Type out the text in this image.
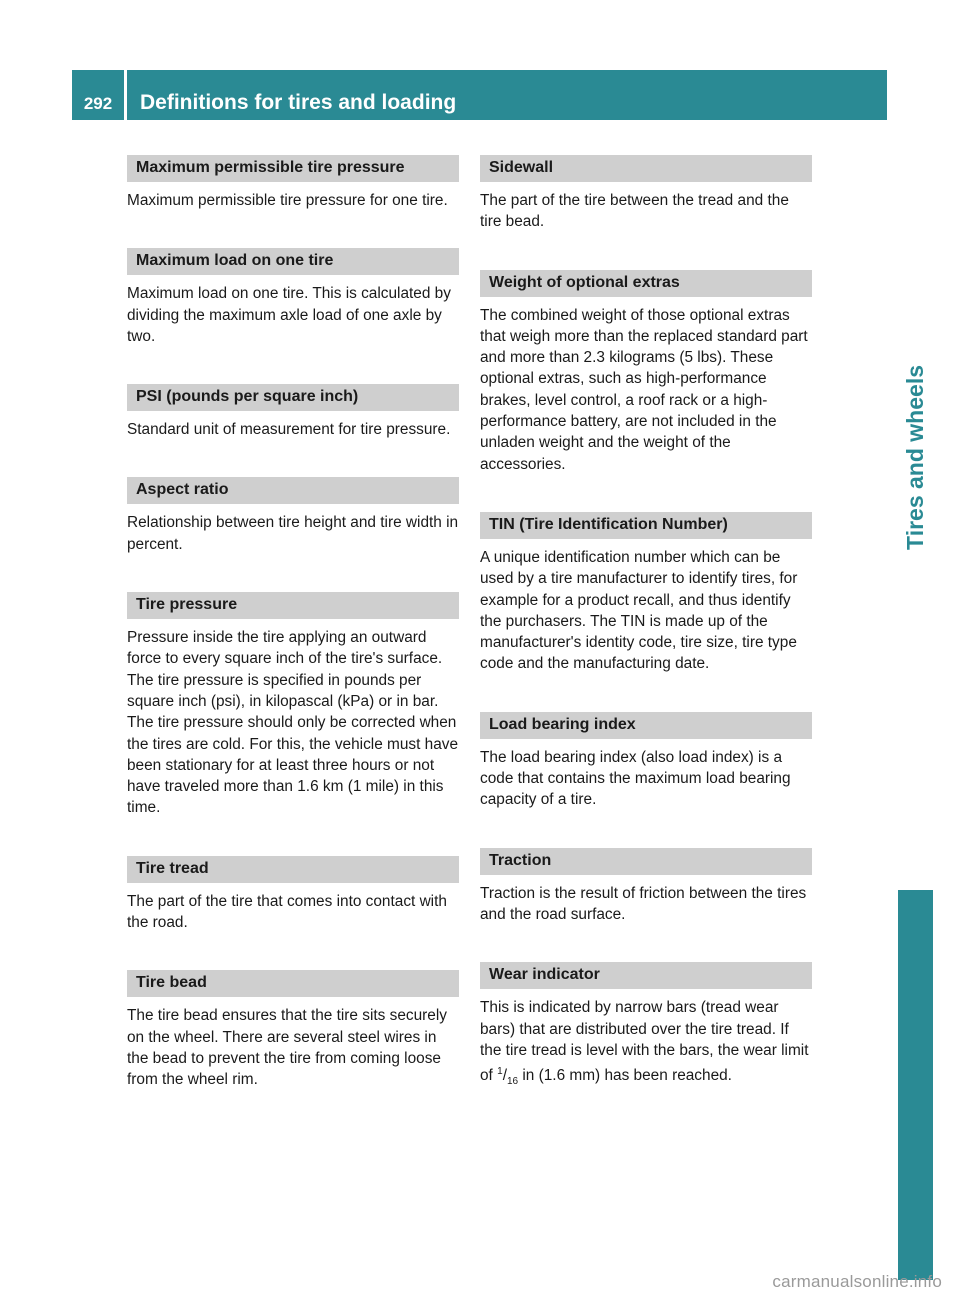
292	Definitions for tires and loading
Tires and wheels
Maximum permissible tire pressure
Maximum permissible tire pressure for one tire.
Maximum load on one tire
Maximum load on one tire. This is calculated by dividing the maximum axle load of one axle by two.
PSI (pounds per square inch)
Standard unit of measurement for tire pressure.
Aspect ratio
Relationship between tire height and tire width in percent.
Tire pressure
Pressure inside the tire applying an outward force to every square inch of the tire's surface. The tire pressure is specified in pounds per square inch (psi), in kilopascal (kPa) or in bar. The tire pressure should only be corrected when the tires are cold. For this, the vehicle must have been stationary for at least three hours or not have traveled more than 1.6 km (1 mile) in this time.
Tire tread
The part of the tire that comes into contact with the road.
Tire bead
The tire bead ensures that the tire sits securely on the wheel. There are several steel wires in the bead to prevent the tire from coming loose from the wheel rim.
Sidewall
The part of the tire between the tread and the tire bead.
Weight of optional extras
The combined weight of those optional extras that weigh more than the replaced standard part and more than 2.3 kilograms (5 lbs). These optional extras, such as high-performance brakes, level control, a roof rack or a high-performance battery, are not included in the unladen weight and the weight of the accessories.
TIN (Tire Identification Number)
A unique identification number which can be used by a tire manufacturer to identify tires, for example for a product recall, and thus identify the purchasers. The TIN is made up of the manufacturer's identity code, tire size, tire type code and the manufacturing date.
Load bearing index
The load bearing index (also load index) is a code that contains the maximum load bearing capacity of a tire.
Traction
Traction is the result of friction between the tires and the road surface.
Wear indicator
This is indicated by narrow bars (tread wear bars) that are distributed over the tire tread. If the tire tread is level with the bars, the wear limit of $^1/_{16}$ in (1.6 mm) has been reached.
carmanualsonline.info
